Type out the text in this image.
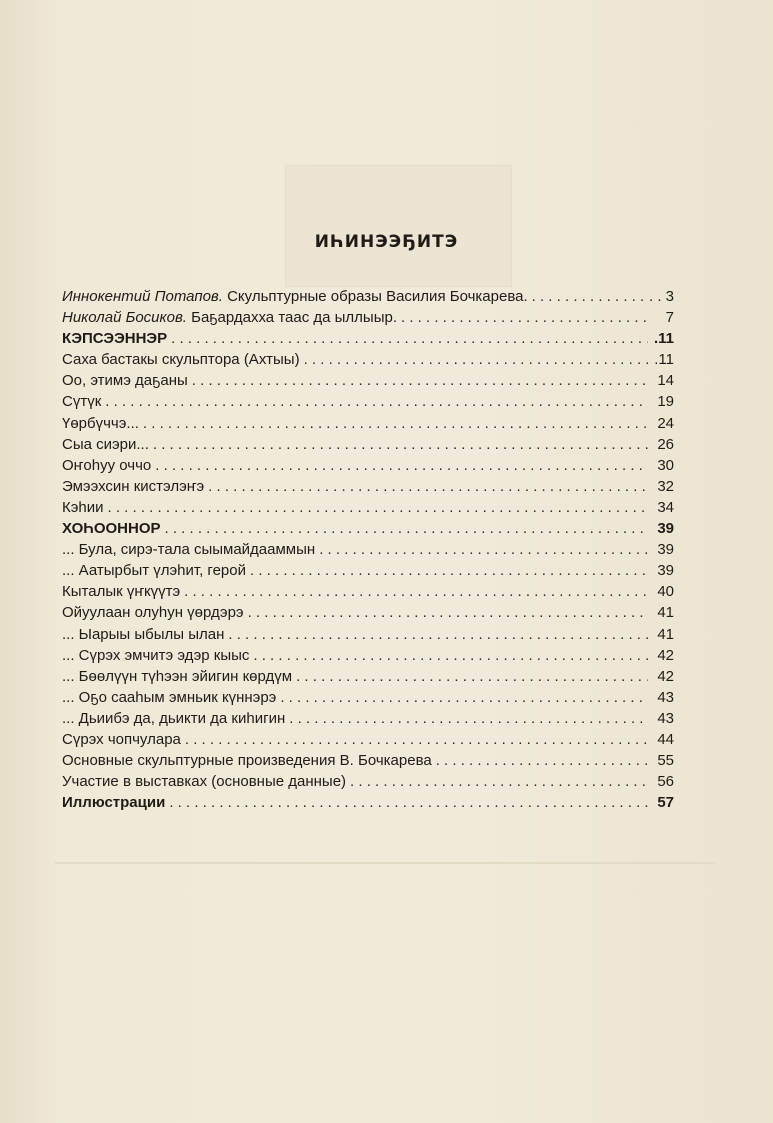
ИҺИНЭЭҔИТЭ
Иннокентий Потапов. Скульптурные образы Василия Бочкарева. . . .	. . 3
Николай Босиков. Баҕардахха таас да ыллыыр. . . .	7
КЭПСЭЭННЭР . . .	.11
Саха бастакы скульптора (Ахтыы) . . .	.11
Оо, этимэ даҕаны . . .	14
Сүтүк . . .	19
Үөрбүччэ... . . .	24
Сыа сиэри... . . .	26
Оҥоһуу оччо . . .	30
Эмээхсин кистэлэҥэ . . .	32
Кэһии . . .	34
ХОҺООННОР . . .	39
... Була, сирэ-тала сыымайдааммын . . .	39
... Аатырбыт үлэһит, герой . . .	39
Кыталык үҥкүүтэ . . .	40
Ойуулаан олуһун үөрдэрэ . . .	41
... Ыарыы ыбылы ылан . . .	41
... Сүрэх эмчитэ эдэр кыыс . . .	42
... Бөөлүүн түһээн эйигин көрдүм . . .	42
... Оҕо сааһым эмньик күннэрэ . . .	43
... Дьиибэ да, дьикти да киһигин . . .	43
Сүрэх чопчулара . . .	44
Основные скульптурные произведения В. Бочкарева . . .	55
Участие в выставках (основные данные) . . .	56
Иллюстрации . . .	57
